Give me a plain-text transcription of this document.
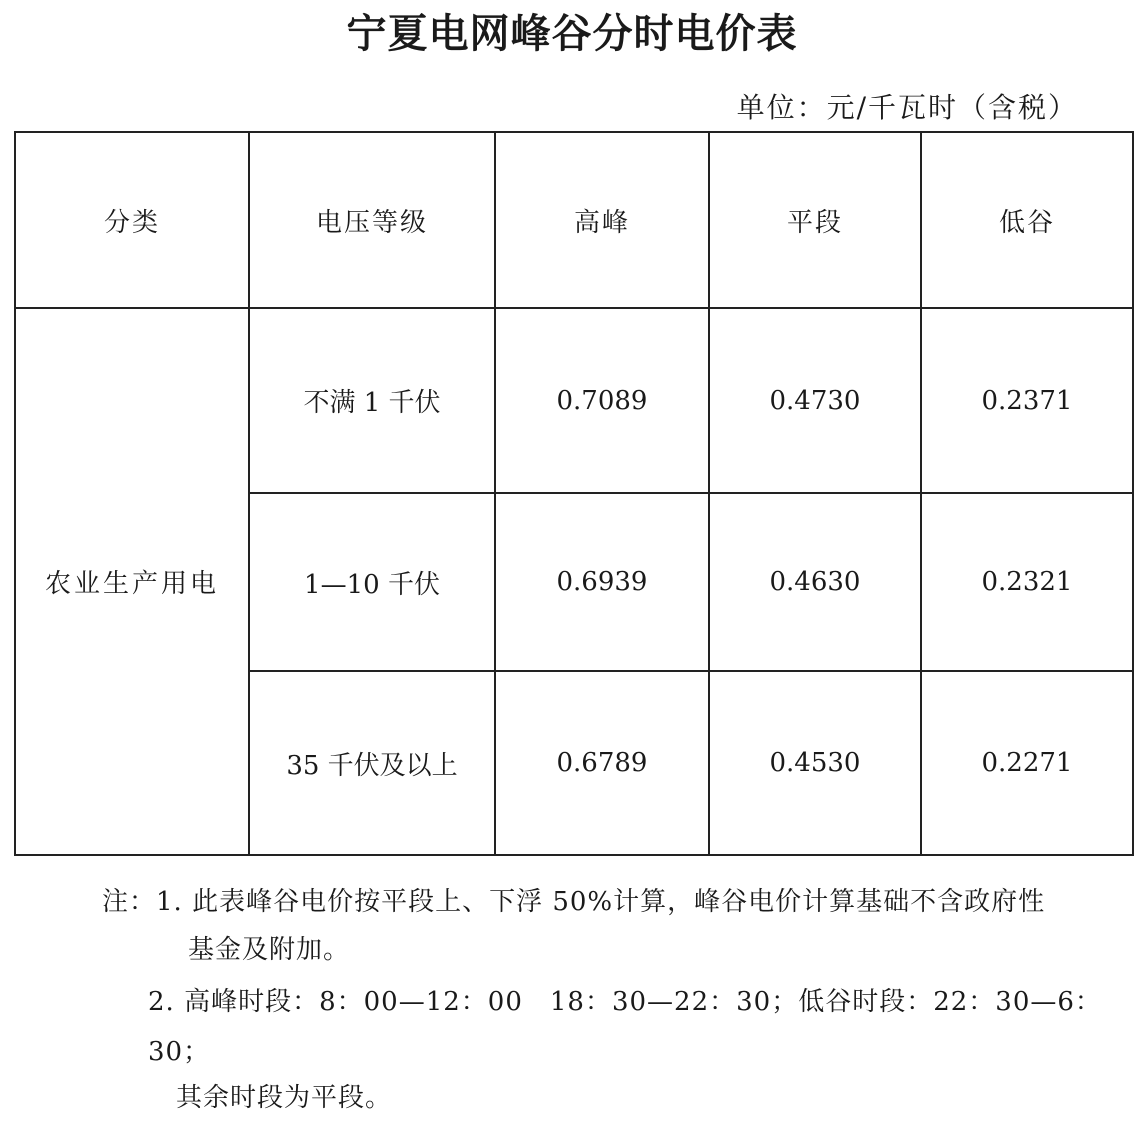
宁夏电网峰谷分时电价表
单位：元/千瓦时（含税）
分类	电压等级	高峰	平段	低谷
农业生产用电	不满 1 千伏	0.7089	0.4730	0.2371
	1—10 千伏	0.6939	0.4630	0.2321
	35 千伏及以上	0.6789	0.4530	0.2271
注：1. 此表峰谷电价按平段上、下浮 50%计算，峰谷电价计算基础不含政府性
基金及附加。
2. 高峰时段：8：00—12：00　18：30—22：30；低谷时段：22：30—6：
30；
其余时段为平段。
